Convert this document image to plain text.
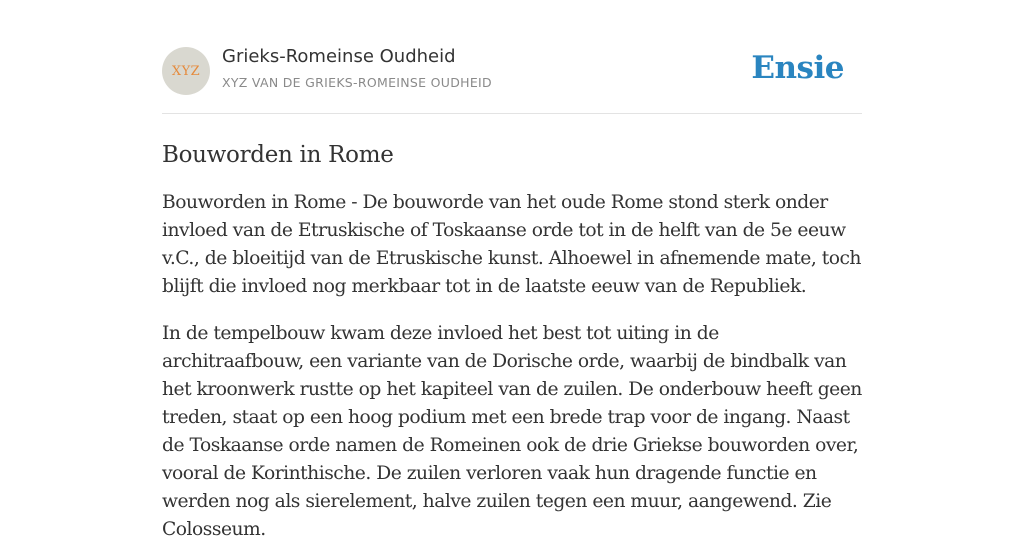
XYZ
Grieks-Romeinse Oudheid
XYZ VAN DE GRIEKS-ROMEINSE OUDHEID	Ensie
Bouworden in Rome

Bouworden in Rome - De bouworde van het oude Rome stond sterk onder invloed van de Etruskische of Toskaanse orde tot in de helft van de 5e eeuw v.C., de bloeitijd van de Etruskische kunst. Alhoewel in afnemende mate, toch blijft die invloed nog merkbaar tot in de laatste eeuw van de Republiek.

In de tempelbouw kwam deze invloed het best tot uiting in de architraafbouw, een variante van de Dorische orde, waarbij de bindbalk van het kroonwerk rustte op het kapiteel van de zuilen. De onderbouw heeft geen treden, staat op een hoog podium met een brede trap voor de ingang. Naast de Toskaanse orde namen de Romeinen ook de drie Griekse bouworden over, vooral de Korinthische. De zuilen verloren vaak hun dragende functie en werden nog als sierelement, halve zuilen tegen een muur, aangewend. Zie Colosseum.
